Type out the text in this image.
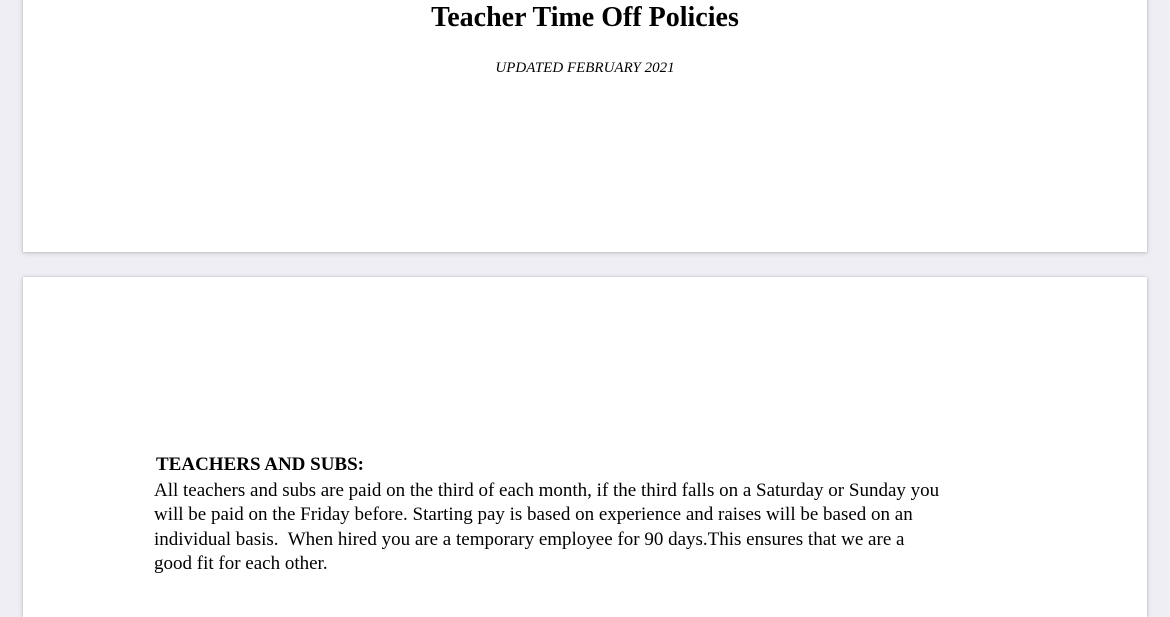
Teacher Time Off Policies

UPDATED FEBRUARY 2021

TEACHERS AND SUBS:

All teachers and subs are paid on the third of each month, if the third falls on a Saturday or Sunday you
will be paid on the Friday before. Starting pay is based on experience and raises will be based on an
individual basis.  When hired you are a temporary employee for 90 days.This ensures that we are a
good fit for each other.
